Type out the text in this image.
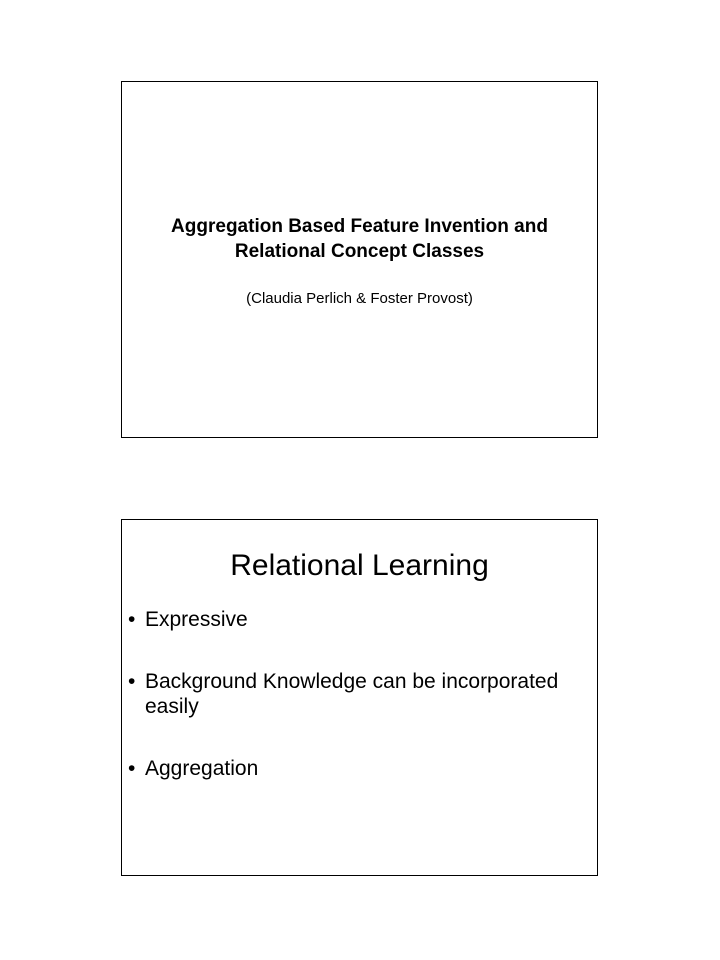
Aggregation Based Feature Invention and
Relational Concept Classes
(Claudia Perlich & Foster Provost)
Relational Learning
• Expressive
• Background Knowledge can be incorporated
easily
• Aggregation
